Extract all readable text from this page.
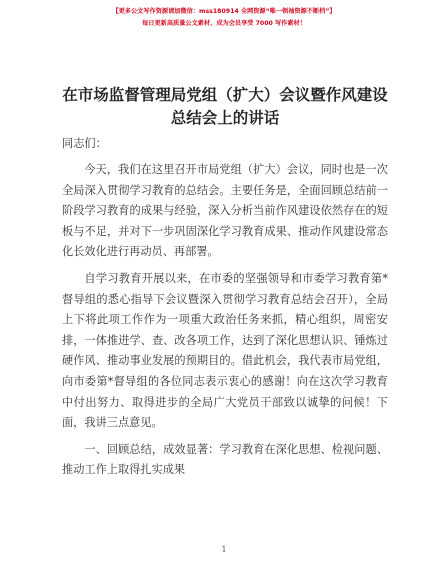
【更多公文写作资源请加微信：mss180914 全网资源“唯一领袖资源不断档”】
每日更新高质量公文素材，成为会员享受 7000 写作素材！
在市场监督管理局党组（扩大）会议暨作风建设总结会上的讲话

同志们：

今天，我们在这里召开市局党组（扩大）会议，同时也是一次全局深入贯彻学习教育的总结会。主要任务是，全面回顾总结前一阶段学习教育的成果与经验，深入分析当前作风建设依然存在的短板与不足，并对下一步巩固深化学习教育成果、推动作风建设常态化长效化进行再动员、再部署。

自学习教育开展以来，在市委的坚强领导和市委学习教育第*督导组的悉心指导下会议暨深入贯彻学习教育总结会召开），全局上下将此项工作作为一项重大政治任务来抓，精心组织，周密安排，一体推进学、查、改各项工作，达到了深化思想认识、锤炼过硬作风、推动事业发展的预期目的。借此机会，我代表市局党组，向市委第*督导组的各位同志表示衷心的感谢！向在这次学习教育中付出努力、取得进步的全局广大党员干部致以诚挚的问候！下面，我讲三点意见。

一、回顾总结，成效显著：学习教育在深化思想、检视问题、推动工作上取得扎实成果

1
